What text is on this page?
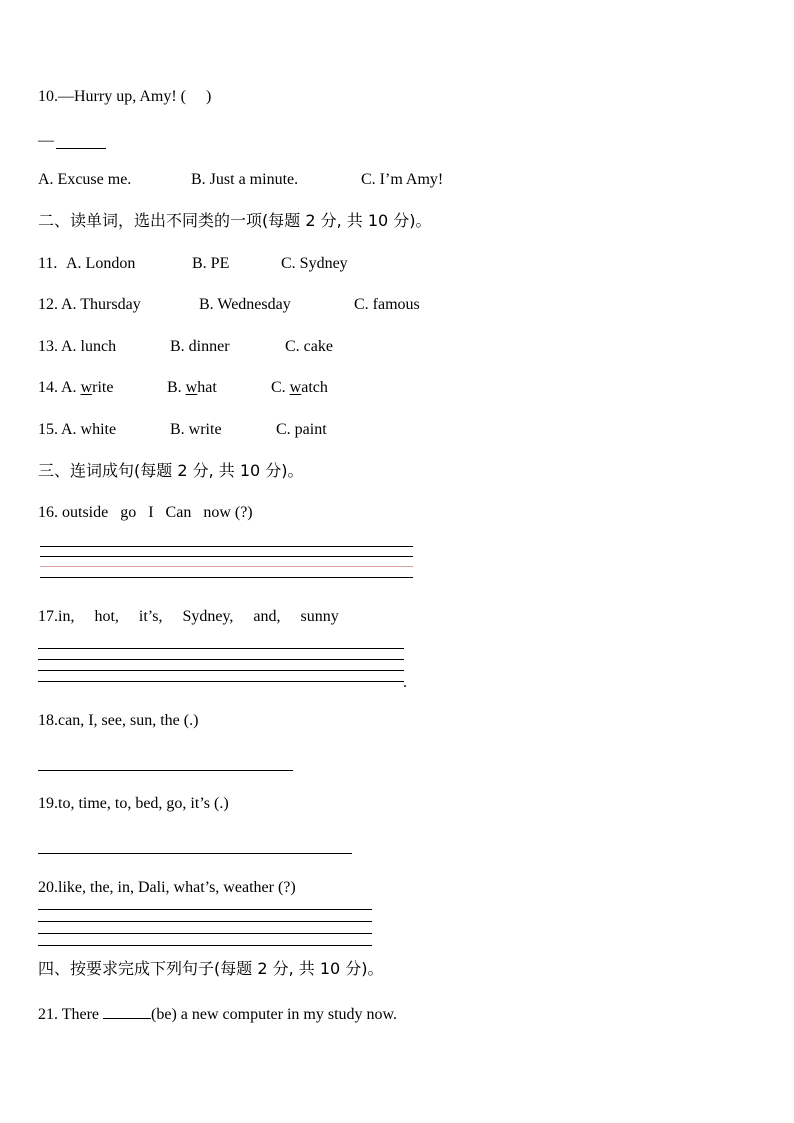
10.—Hurry up, Amy! (     )
—
A. Excuse me.	B. Just a minute.	C. I’m Amy!
二、读单词，选出不同类的一项(每题 2 分, 共 10 分)。
11. A. London	B. PE	C. Sydney
12. A. Thursday	B. Wednesday	C. famous
13. A. lunch	B. dinner	C. cake
14. A. write	B. what	C. watch
15. A. white	B. write	C. paint
三、连词成句(每题 2 分, 共 10 分)。
16. outside   go   I   Can   now (?)
17.in,     hot,     it’s,     Sydney,     and,     sunny
.
18.can, I, see, sun, the (.)
19.to, time, to, bed, go, it’s (.)
20.like, the, in, Dali, what’s, weather (?)
四、按要求完成下列句子(每题 2 分, 共 10 分)。
21. There	(be) a new computer in my study now.
